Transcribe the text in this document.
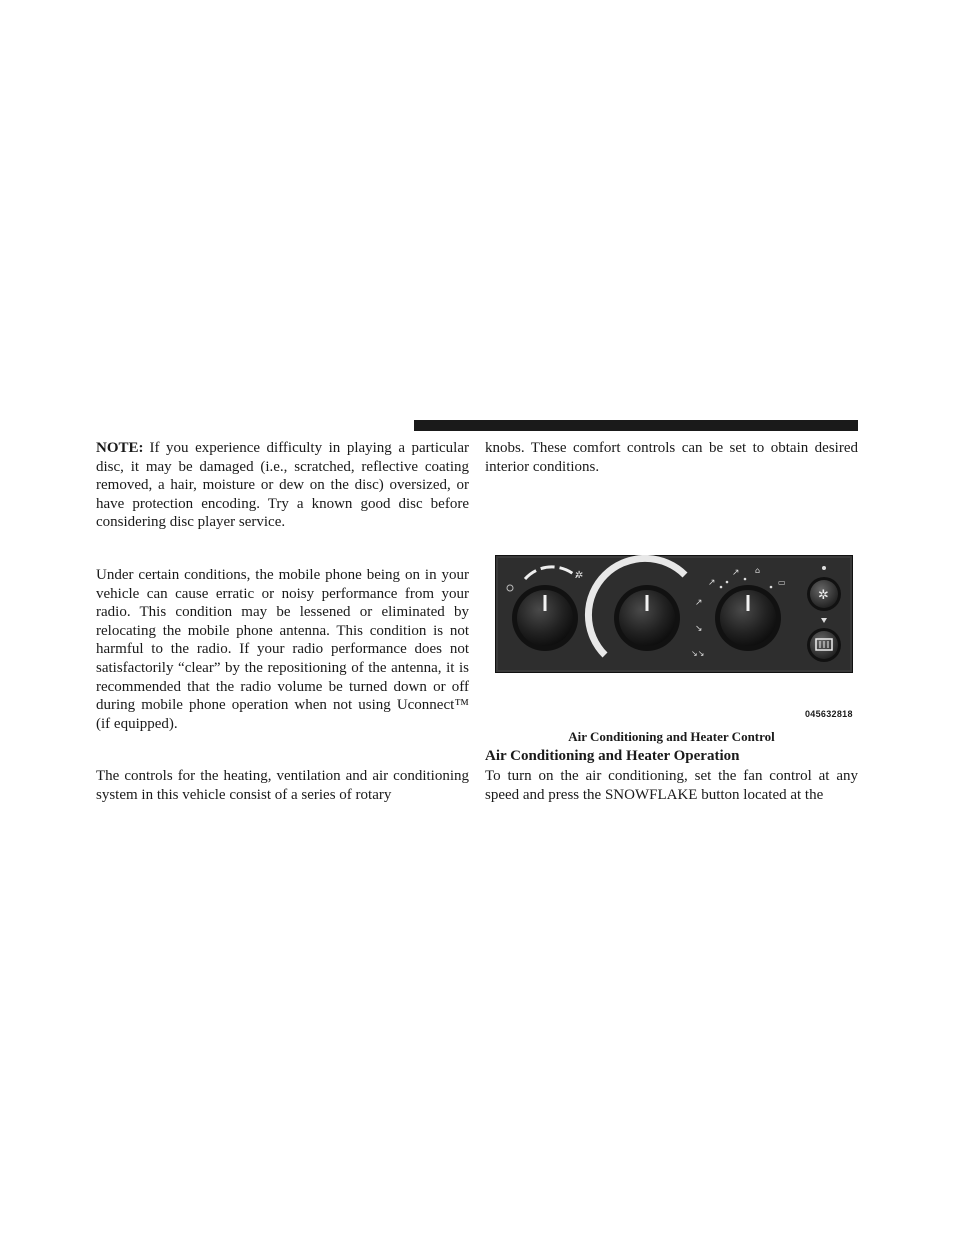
NOTE: If you experience difficulty in playing a particular disc, it may be damaged (i.e., scratched, reflective coating removed, a hair, moisture or dew on the disc) oversized, or have protection encoding. Try a known good disc before considering disc player service.
Under certain conditions, the mobile phone being on in your vehicle can cause erratic or noisy performance from your radio. This condition may be lessened or eliminated by relocating the mobile phone antenna. This condition is not harmful to the radio. If your radio performance does not satisfactorily “clear” by the repositioning of the antenna, it is recommended that the radio volume be turned down or off during mobile phone operation when not using Uconnect™ (if equipped).
The controls for the heating, ventilation and air conditioning system in this vehicle consist of a series of rotary
knobs. These comfort controls can be set to obtain desired interior conditions.
✲
↗
↗ ⌂
▭
↗
↘
↘↘
✲
045632818
Air Conditioning and Heater Control
Air Conditioning and Heater Operation
To turn on the air conditioning, set the fan control at any speed and press the SNOWFLAKE button located at the
